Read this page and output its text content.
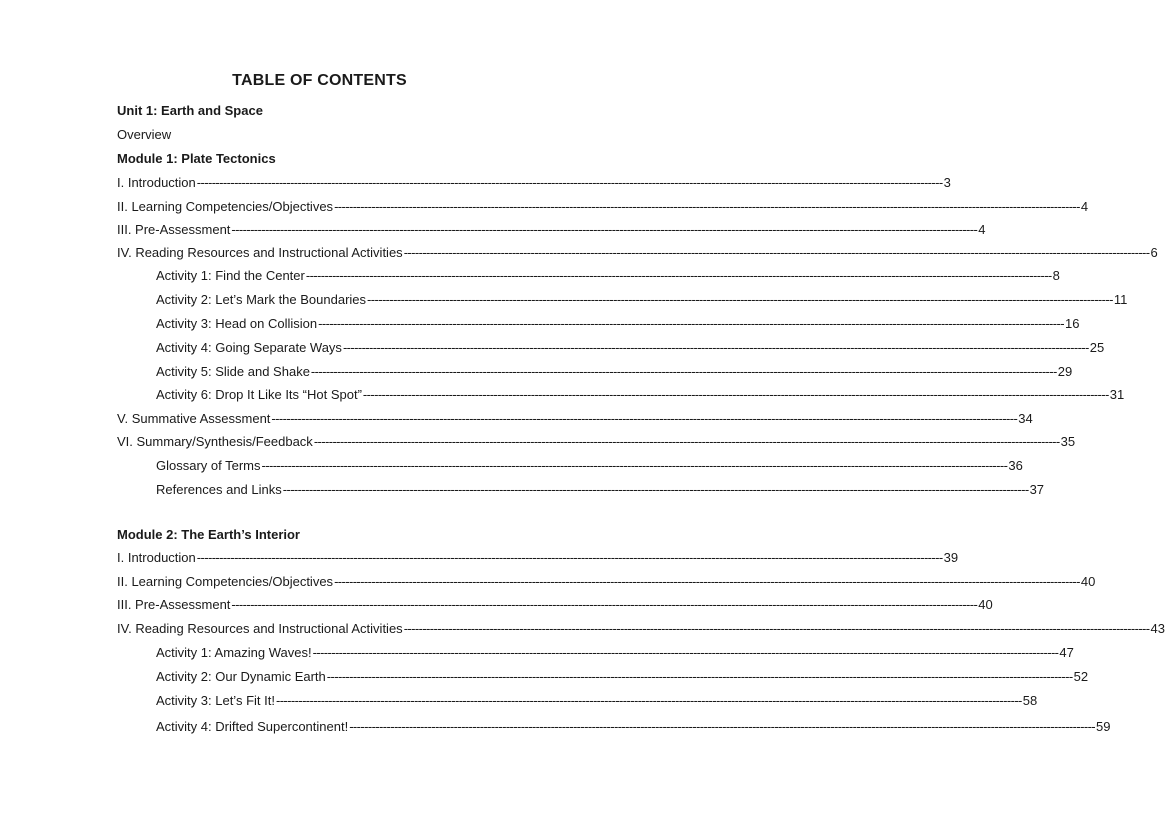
TABLE OF CONTENTS
Unit 1: Earth and Space
Overview
Module 1: Plate Tectonics
I. Introduction -------------------------------------------------------------------------------------------------------------------------------------------------------------------------------------------------------- 3
II. Learning Competencies/Objectives -------------------------------------------------------------------------------------------------------------------------------------------------------------------------------------------------------- 4
III. Pre-Assessment -------------------------------------------------------------------------------------------------------------------------------------------------------------------------------------------------------- 4
IV. Reading Resources and Instructional Activities -------------------------------------------------------------------------------------------------------------------------------------------------------------------------------------------------------- 6
Activity 1: Find the Center -------------------------------------------------------------------------------------------------------------------------------------------------------------------------------------------------------- 8
Activity 2: Let’s Mark the Boundaries -------------------------------------------------------------------------------------------------------------------------------------------------------------------------------------------------------- 11
Activity 3: Head on Collision -------------------------------------------------------------------------------------------------------------------------------------------------------------------------------------------------------- 16
Activity 4: Going Separate Ways -------------------------------------------------------------------------------------------------------------------------------------------------------------------------------------------------------- 25
Activity 5: Slide and Shake -------------------------------------------------------------------------------------------------------------------------------------------------------------------------------------------------------- 29
Activity 6: Drop It Like Its “Hot Spot” -------------------------------------------------------------------------------------------------------------------------------------------------------------------------------------------------------- 31
V. Summative Assessment -------------------------------------------------------------------------------------------------------------------------------------------------------------------------------------------------------- 34
VI. Summary/Synthesis/Feedback -------------------------------------------------------------------------------------------------------------------------------------------------------------------------------------------------------- 35
Glossary of Terms -------------------------------------------------------------------------------------------------------------------------------------------------------------------------------------------------------- 36
References and Links -------------------------------------------------------------------------------------------------------------------------------------------------------------------------------------------------------- 37
Module 2: The Earth’s Interior
I. Introduction -------------------------------------------------------------------------------------------------------------------------------------------------------------------------------------------------------- 39
II. Learning Competencies/Objectives -------------------------------------------------------------------------------------------------------------------------------------------------------------------------------------------------------- 40
III. Pre-Assessment -------------------------------------------------------------------------------------------------------------------------------------------------------------------------------------------------------- 40
IV. Reading Resources and Instructional Activities -------------------------------------------------------------------------------------------------------------------------------------------------------------------------------------------------------- 43
Activity 1: Amazing Waves! -------------------------------------------------------------------------------------------------------------------------------------------------------------------------------------------------------- 47
Activity 2: Our Dynamic Earth -------------------------------------------------------------------------------------------------------------------------------------------------------------------------------------------------------- 52
Activity 3: Let’s Fit It! -------------------------------------------------------------------------------------------------------------------------------------------------------------------------------------------------------- 58
Activity 4: Drifted Supercontinent! -------------------------------------------------------------------------------------------------------------------------------------------------------------------------------------------------------- 59
